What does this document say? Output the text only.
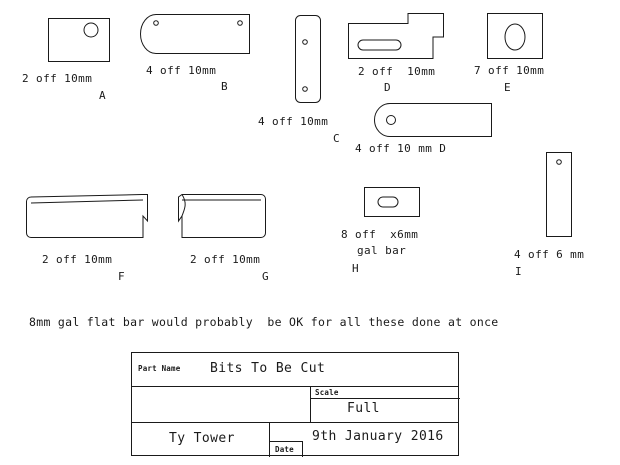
2 off 10mm
A
4 off 10mm
B
4 off 10mm
C
2 off  10mm
D
7 off 10mm
E
4 off 10 mm D
2 off 10mm
F
2 off 10mm
G
8 off  x6mm
gal bar
H
4 off 6 mm
I
8mm gal flat bar would probably  be OK for all these done at once
Part Name Bits To Be Cut
Scale
Full
Ty Tower
Date
9th January 2016
